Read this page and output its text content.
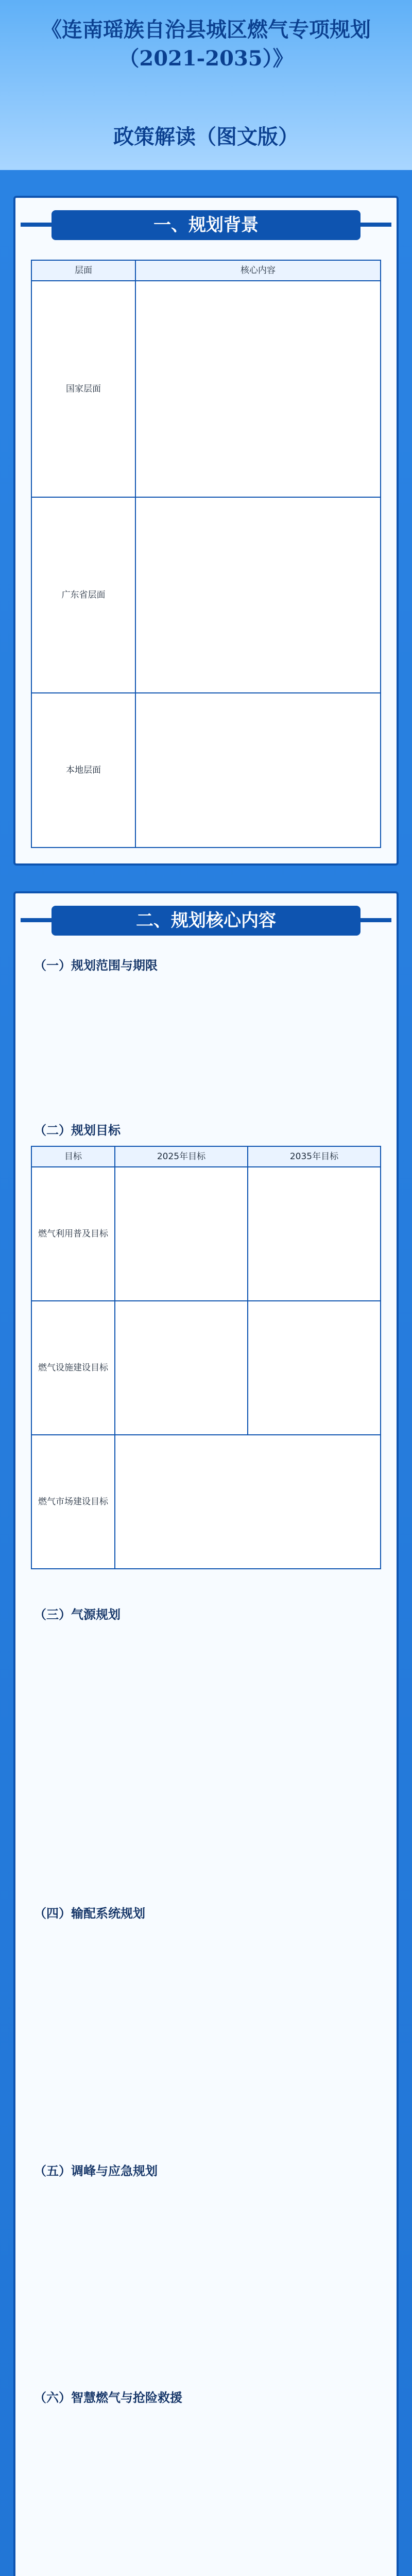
《连南瑶族自治县城区燃气专项规划（2021-2035）》
政策解读（图文版）
一、规划背景
层面	核心内容
国家层面	
广东省层面	
本地层面	
二、规划核心内容
（一）规划范围与期限
（二）规划目标
目标	2025年目标	2035年目标
燃气利用普及目标		
燃气设施建设目标		
燃气市场建设目标		
（三）气源规划
（四）输配系统规划
（五）调峰与应急规划
（六）智慧燃气与抢险救援
